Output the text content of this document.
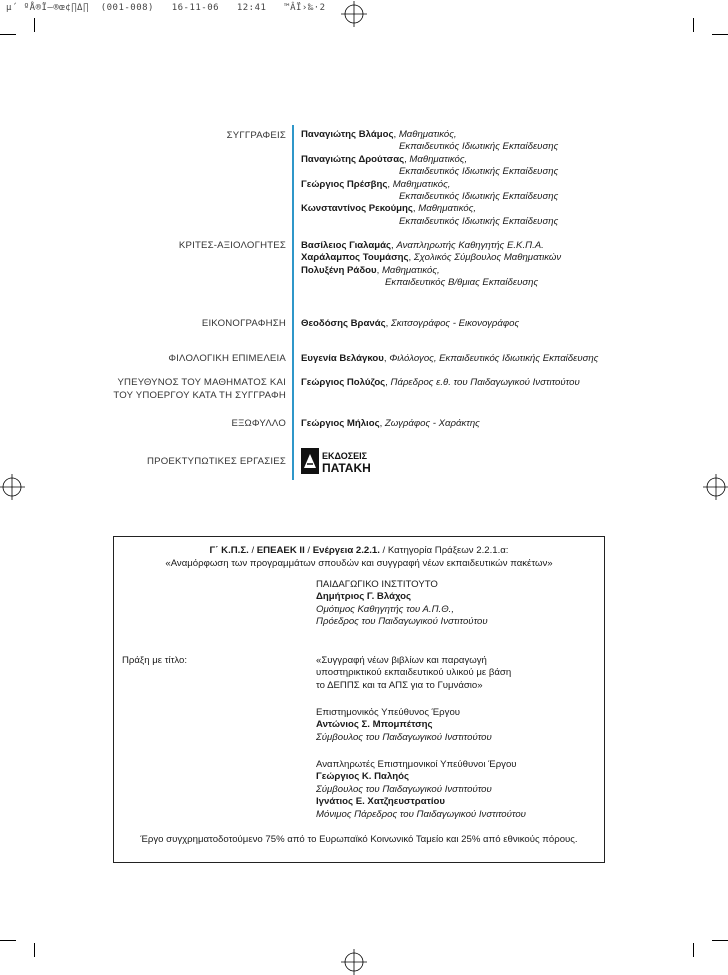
µ΄ ºÅ®Ï–®œ¢∏Δ∏  (001-008)   16-11-06   12:41   ™ÂÏ›‰·2
ΣΥΓΓΡΑΦΕΙΣ
ΚΡΙΤΕΣ-ΑΞΙΟΛΟΓΗΤΕΣ
ΕΙΚΟΝΟΓΡΑΦΗΣΗ
ΦΙΛΟΛΟΓΙΚΗ ΕΠΙΜΕΛΕΙΑ
ΥΠΕΥΘΥΝΟΣ ΤΟΥ ΜΑΘΗΜΑΤΟΣ ΚΑΙ
ΤΟΥ ΥΠΟΕΡΓΟΥ ΚΑΤΑ ΤΗ ΣΥΓΓΡΑΦΗ
ΕΞΩΦΥΛΛΟ
ΠΡΟΕΚΤΥΠΩΤΙΚΕΣ ΕΡΓΑΣΙΕΣ
Παναγιώτης Βλάμος, Μαθηματικός,
Εκπαιδευτικός Ιδιωτικής Εκπαίδευσης
Παναγιώτης Δρούτσας, Μαθηματικός,
Εκπαιδευτικός Ιδιωτικής Εκπαίδευσης
Γεώργιος Πρέσβης, Μαθηματικός,
Εκπαιδευτικός Ιδιωτικής Εκπαίδευσης
Κωνσταντίνος Ρεκούμης, Μαθηματικός,
Εκπαιδευτικός Ιδιωτικής Εκπαίδευσης
Βασίλειος Γιαλαμάς, Αναπληρωτής Καθηγητής Ε.Κ.Π.Α.
Χαράλαμπος Τουμάσης, Σχολικός Σύμβουλος Μαθηματικών
Πολυξένη Ράδου, Μαθηματικός,
Εκπαιδευτικός Β/θμιας Εκπαίδευσης
Θεοδόσης Βρανάς, Σκιτσογράφος - Εικονογράφος
Ευγενία Βελάγκου, Φιλόλογος, Εκπαιδευτικός Ιδιωτικής Εκπαίδευσης
Γεώργιος Πολύζος, Πάρεδρος ε.θ. του Παιδαγωγικού Ινστιτούτου
Γεώργιος Μήλιος, Ζωγράφος - Χαράκτης
ΕΚΔΟΣΕΙΣ
ΠΑΤΑΚΗ
Γ΄ Κ.Π.Σ. / ΕΠΕΑΕΚ ΙΙ / Ενέργεια 2.2.1. / Κατηγορία Πράξεων 2.2.1.α:
«Αναμόρφωση των προγραμμάτων σπουδών και συγγραφή νέων εκπαιδευτικών πακέτων»
ΠΑΙΔΑΓΩΓΙΚΟ ΙΝΣΤΙΤΟΥΤΟ
Δημήτριος Γ. Βλάχος
Ομότιμος Καθηγητής του Α.Π.Θ.,
Πρόεδρος του Παιδαγωγικού Ινστιτούτου
Πράξη με τίτλο:	«Συγγραφή νέων βιβλίων και παραγωγή
υποστηρικτικού εκπαιδευτικού υλικού με βάση
το ΔΕΠΠΣ και τα ΑΠΣ για το Γυμνάσιο»
Επιστημονικός Υπεύθυνος Έργου
Αντώνιος Σ. Μπομπέτσης
Σύμβουλος του Παιδαγωγικού Ινστιτούτου
Αναπληρωτές Επιστημονικοί Υπεύθυνοι Έργου
Γεώργιος Κ. Παληός
Σύμβουλος του Παιδαγωγικού Ινστιτούτου
Ιγνάτιος Ε. Χατζηευστρατίου
Μόνιμος Πάρεδρος του Παιδαγωγικού Ινστιτούτου
Έργο συγχρηματοδοτούμενο 75% από το Ευρωπαϊκό Κοινωνικό Ταμείο και 25% από εθνικούς πόρους.
